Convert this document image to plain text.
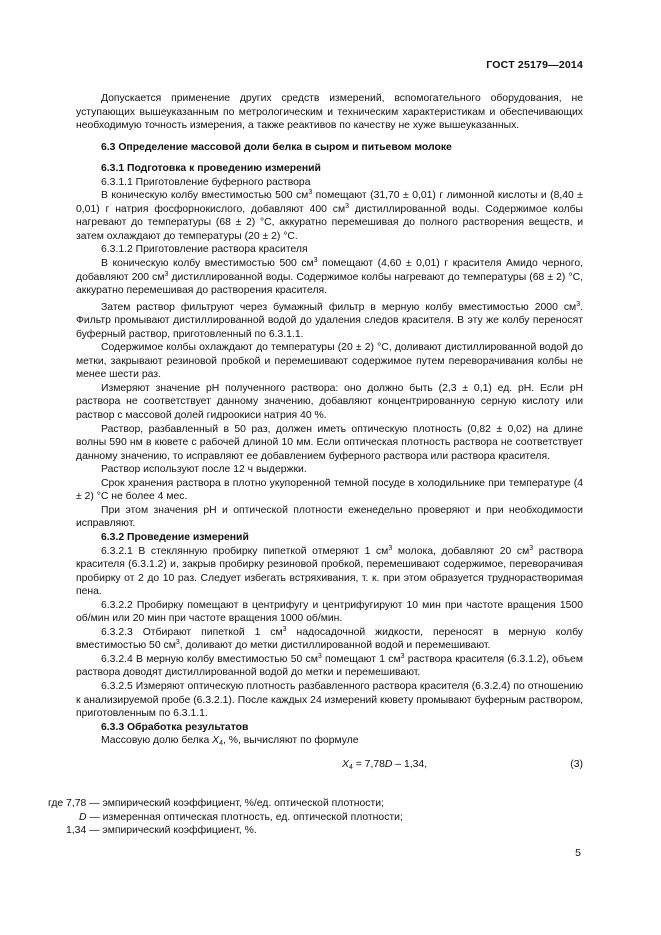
ГОСТ 25179—2014

Допускается применение других средств измерений, вспомогательного оборудования, не уступающих вышеуказанным по метрологическим и техническим характеристикам и обеспечивающих необходимую точность измерения, а также реактивов по качеству не хуже вышеуказанных.

6.3 Определение массовой доли белка в сыром и питьевом молоке

6.3.1 Подготовка к проведению измерений

6.3.1.1 Приготовление буферного раствора

В коническую колбу вместимостью 500 $см^3$ помещают (31,70 ± 0,01) г лимонной кислоты и (8,40 ± 0,01) г натрия фосфорнокислого, добавляют 400 $см^3$ дистиллированной воды. Содержимое колбы нагревают до температуры (68 ± 2) °C, аккуратно перемешивая до полного растворения веществ, и затем охлаждают до температуры (20 ± 2) °C.

6.3.1.2 Приготовление раствора красителя

В коническую колбу вместимостью 500 $см^3$ помещают (4,60 ± 0,01) г красителя Амидо черного, добавляют 200 $см^3$ дистиллированной воды. Содержимое колбы нагревают до температуры (68 ± 2) °C, аккуратно перемешивая до растворения красителя.

Затем раствор фильтруют через бумажный фильтр в мерную колбу вместимостью 2000 $см^3$. Фильтр промывают дистиллированной водой до удаления следов красителя. В эту же колбу переносят буферный раствор, приготовленный по 6.3.1.1.

Содержимое колбы охлаждают до температуры (20 ± 2) °C, доливают дистиллированной водой до метки, закрывают резиновой пробкой и перемешивают содержимое путем переворачивания колбы не менее шести раз.

Измеряют значение pH полученного раствора: оно должно быть (2,3 ± 0,1) ед. pH. Если pH раствора не соответствует данному значению, добавляют концентрированную серную кислоту или раствор с массовой долей гидроокиси натрия 40 %.

Раствор, разбавленный в 50 раз, должен иметь оптическую плотность (0,82 ± 0,02) на длине волны 590 нм в кювете с рабочей длиной 10 мм. Если оптическая плотность раствора не соответствует данному значению, то исправляют ее добавлением буферного раствора или раствора красителя.

Раствор используют после 12 ч выдержки.

Срок хранения раствора в плотно укупоренной темной посуде в холодильнике при температуре (4 ± 2) °C не более 4 мес.

При этом значения pH и оптической плотности еженедельно проверяют и при необходимости исправляют.

6.3.2 Проведение измерений

6.3.2.1 В стеклянную пробирку пипеткой отмеряют 1 $см^3$ молока, добавляют 20 $см^3$ раствора красителя (6.3.1.2) и, закрыв пробирку резиновой пробкой, перемешивают содержимое, переворачивая пробирку от 2 до 10 раз. Следует избегать встряхивания, т. к. при этом образуется труднорастворимая пена.

6.3.2.2 Пробирку помещают в центрифугу и центрифугируют 10 мин при частоте вращения 1500 об/мин или 20 мин при частоте вращения 1000 об/мин.

6.3.2.3 Отбирают пипеткой 1 $см^3$ надосадочной жидкости, переносят в мерную колбу вместимостью 50 $см^3$, доливают до метки дистиллированной водой и перемешивают.

6.3.2.4 В мерную колбу вместимостью 50 $см^3$ помещают 1 $см^3$ раствора красителя (6.3.1.2), объем раствора доводят дистиллированной водой до метки и перемешивают.

6.3.2.5 Измеряют оптическую плотность разбавленного раствора красителя (6.3.2.4) по отношению к анализируемой пробе (6.3.2.1). После каждых 24 измерений кювету промывают буферным раствором, приготовленным по 6.3.1.1.

6.3.3 Обработка результатов

Массовую долю белка $X_4$, %, вычисляют по формуле

$X_4 = 7,78D - 1,34$,	(3)
где 7,78 — эмпирический коэффициент, %/ед. оптической плотности;
D — измеренная оптическая плотность, ед. оптической плотности;
1,34 — эмпирический коэффициент, %.
5
